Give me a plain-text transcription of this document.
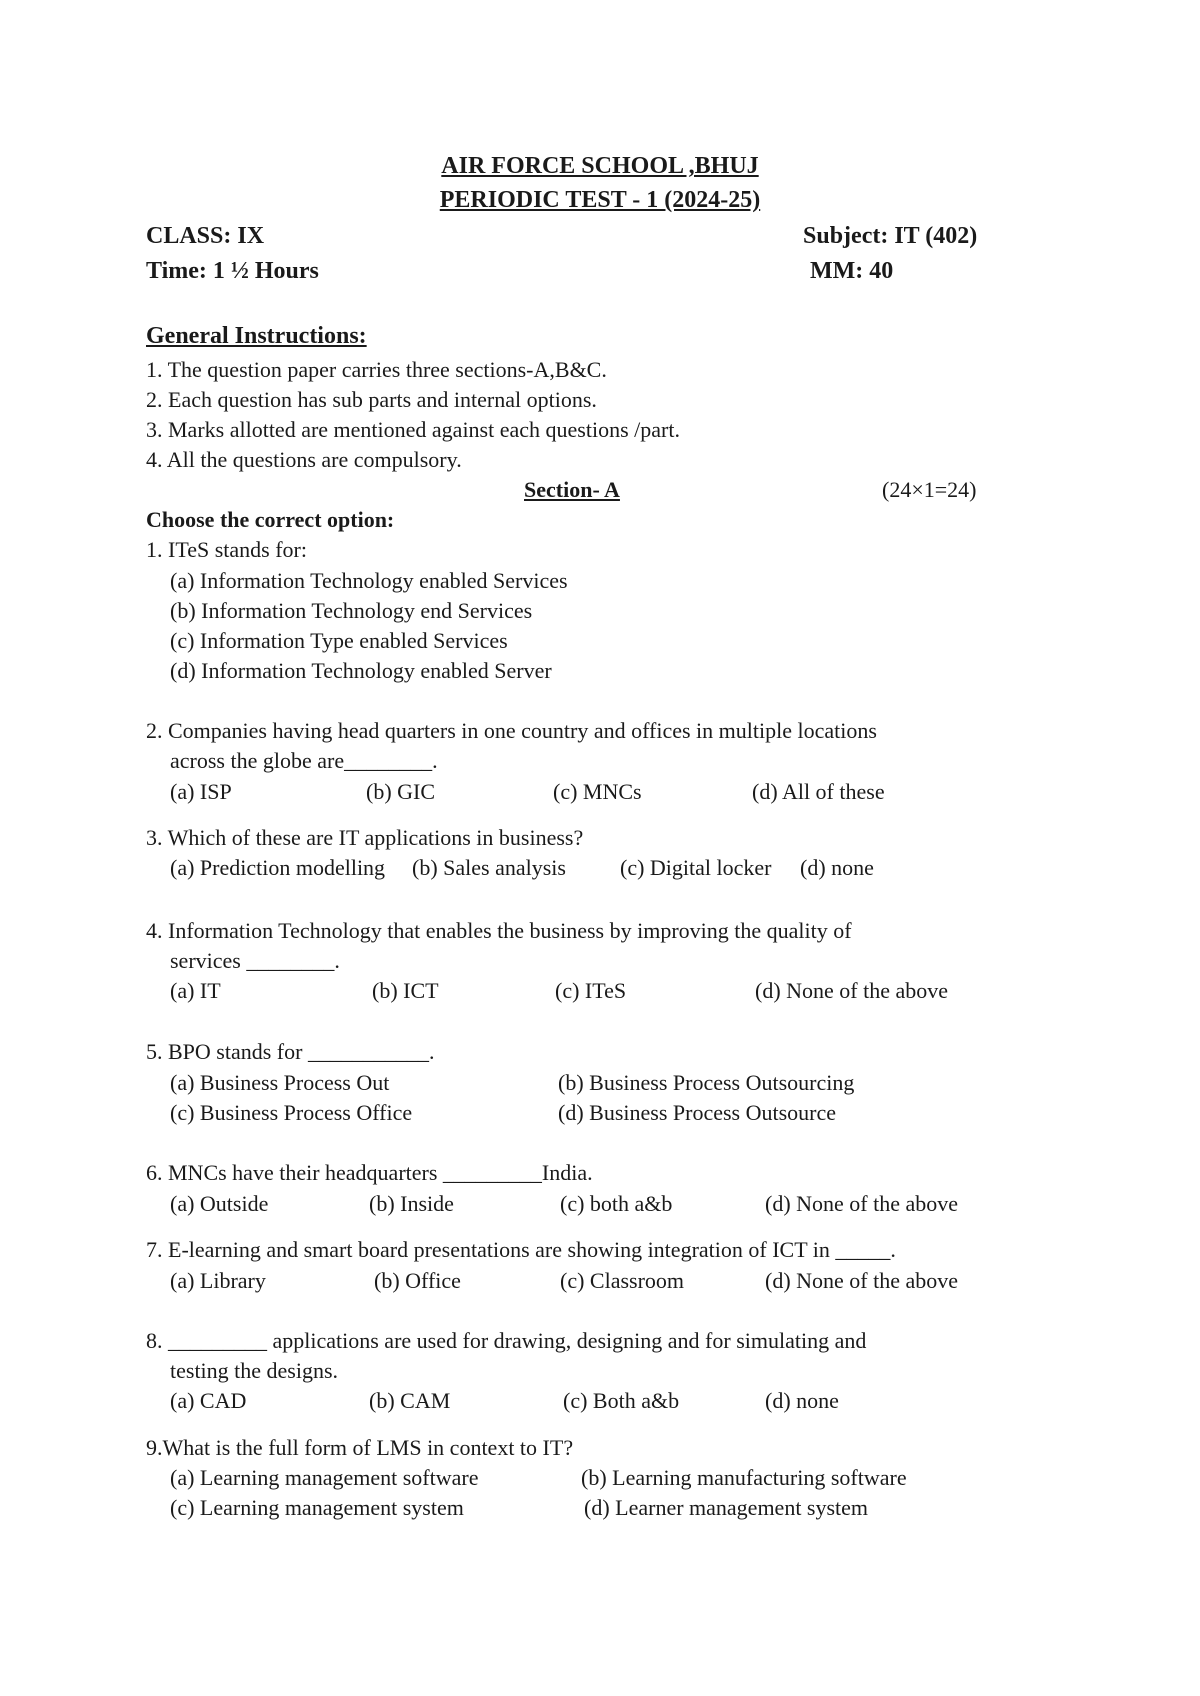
AIR FORCE SCHOOL ,BHUJ
PERIODIC TEST - 1 (2024-25)
CLASS: IX	Subject: IT (402)
Time: 1 ½ Hours	MM: 40
General Instructions:
1. The question paper carries three sections-A,B&C.
2. Each question has sub parts and internal options.
3. Marks allotted are mentioned against each questions /part.
4. All the questions are compulsory.
Section- A	(24×1=24)
Choose the correct option:
1. ITeS stands for:
(a) Information Technology enabled Services
(b) Information Technology end Services
(c) Information Type enabled Services
(d) Information Technology enabled Server
2. Companies having head quarters in one country and offices in multiple locations
across the globe are________.
(a) ISP	(b) GIC	(c) MNCs	(d) All of these
3. Which of these are IT applications in business?
(a) Prediction modelling (b) Sales analysis (c) Digital locker (d) none
4. Information Technology that enables the business by improving the quality of
services ________.
(a) IT	(b) ICT	(c) ITeS	(d) None of the above
5. BPO stands for ___________.
(a) Business Process Out	(b) Business Process Outsourcing
(c) Business Process Office	(d) Business Process Outsource
6. MNCs have their headquarters _________India.
(a) Outside	(b) Inside	(c) both a&b	(d) None of the above
7. E-learning and smart board presentations are showing integration of ICT in _____.
(a) Library	(b) Office	(c) Classroom	(d) None of the above
8. _________ applications are used for drawing, designing and for simulating and
testing the designs.
(a) CAD	(b) CAM	(c) Both a&b	(d) none
9.What is the full form of LMS in context to IT?
(a) Learning management software	(b) Learning manufacturing software
(c) Learning management system	(d) Learner management system
